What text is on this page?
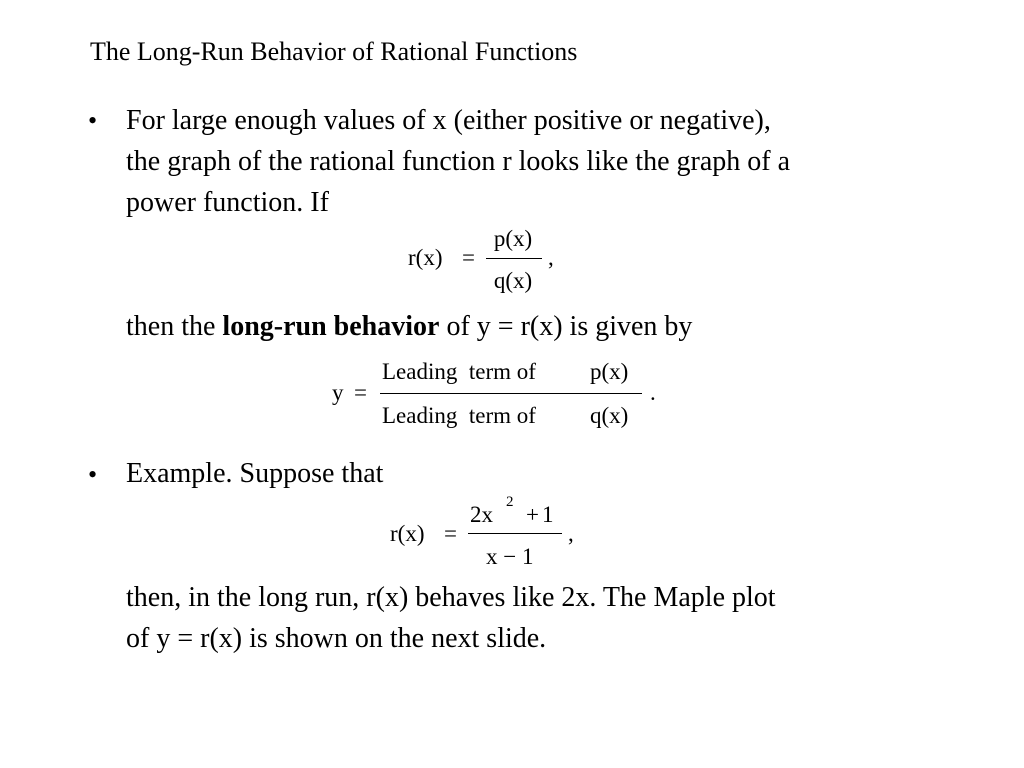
The Long-Run Behavior of Rational Functions
• For large enough values of x (either positive or negative),
the graph of the rational function r looks like the graph of a
power function. If
r(x) =
p(x)
q(x)
,
then the long-run behavior of y = r(x) is given by
y =
Leading  term of p(x)
Leading  term of q(x)
.
• Example. Suppose that
r(x) =
2x 2 +1
x − 1
,
then, in the long run, r(x) behaves like 2x. The Maple plot
of y = r(x) is shown on the next slide.
